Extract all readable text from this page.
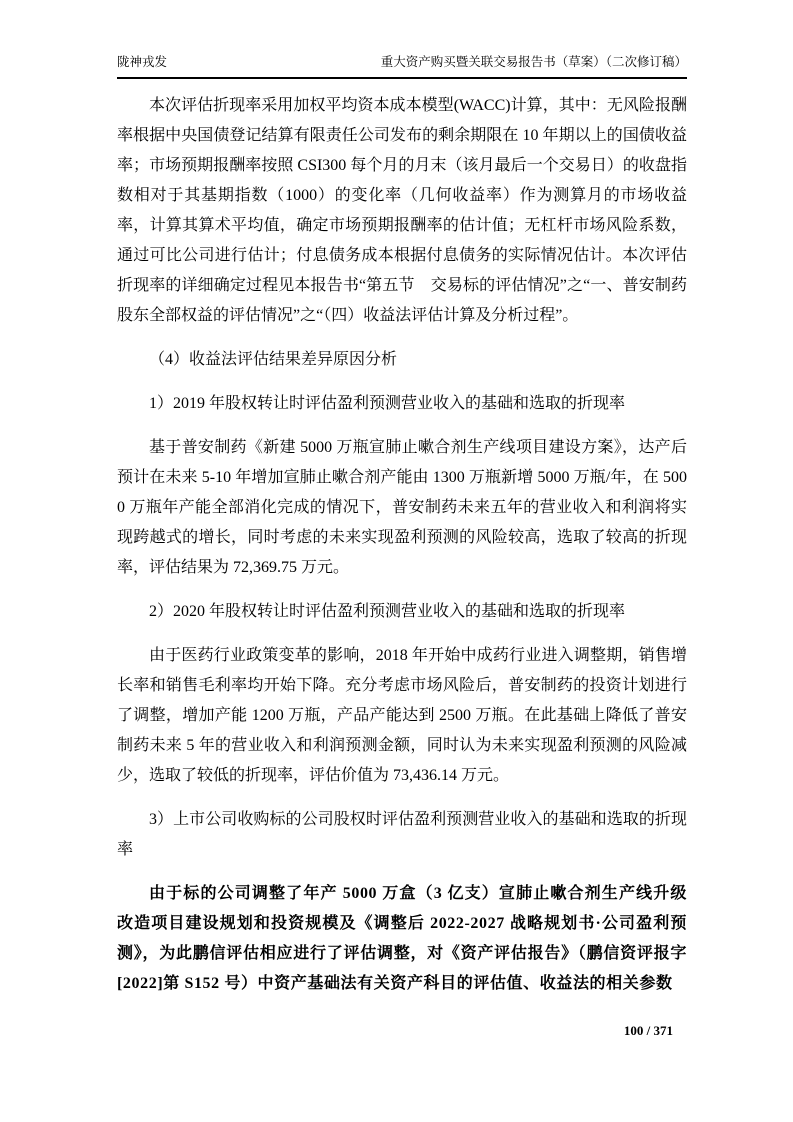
陇神戎发	重大资产购买暨关联交易报告书（草案）（二次修订稿）

本次评估折现率采用加权平均资本成本模型(WACC)计算，其中：无风险报酬率根据中央国债登记结算有限责任公司发布的剩余期限在 10 年期以上的国债收益率；市场预期报酬率按照 CSI300 每个月的月末（该月最后一个交易日）的收盘指数相对于其基期指数（1000）的变化率（几何收益率）作为测算月的市场收益率，计算其算术平均值，确定市场预期报酬率的估计值；无杠杆市场风险系数，通过可比公司进行估计；付息债务成本根据付息债务的实际情况估计。本次评估折现率的详细确定过程见本报告书“第五节　交易标的评估情况”之“一、普安制药股东全部权益的评估情况”之“（四）收益法评估计算及分析过程”。

（4）收益法评估结果差异原因分析

1）2019 年股权转让时评估盈利预测营业收入的基础和选取的折现率

基于普安制药《新建 5000 万瓶宣肺止嗽合剂生产线项目建设方案》，达产后预计在未来 5-10 年增加宣肺止嗽合剂产能由 1300 万瓶新增 5000 万瓶/年，在 5000 万瓶年产能全部消化完成的情况下，普安制药未来五年的营业收入和利润将实现跨越式的增长，同时考虑的未来实现盈利预测的风险较高，选取了较高的折现率，评估结果为 72,369.75 万元。

2）2020 年股权转让时评估盈利预测营业收入的基础和选取的折现率

由于医药行业政策变革的影响，2018 年开始中成药行业进入调整期，销售增长率和销售毛利率均开始下降。充分考虑市场风险后，普安制药的投资计划进行了调整，增加产能 1200 万瓶，产品产能达到 2500 万瓶。在此基础上降低了普安制药未来 5 年的营业收入和利润预测金额，同时认为未来实现盈利预测的风险减少，选取了较低的折现率，评估价值为 73,436.14 万元。

3）上市公司收购标的公司股权时评估盈利预测营业收入的基础和选取的折现率

由于标的公司调整了年产 5000 万盒（3 亿支）宣肺止嗽合剂生产线升级改造项目建设规划和投资规模及《调整后 2022-2027 战略规划书·公司盈利预测》，为此鹏信评估相应进行了评估调整，对《资产评估报告》（鹏信资评报字[2022]第 S152 号）中资产基础法有关资产科目的评估值、收益法的相关参数

100 / 371
